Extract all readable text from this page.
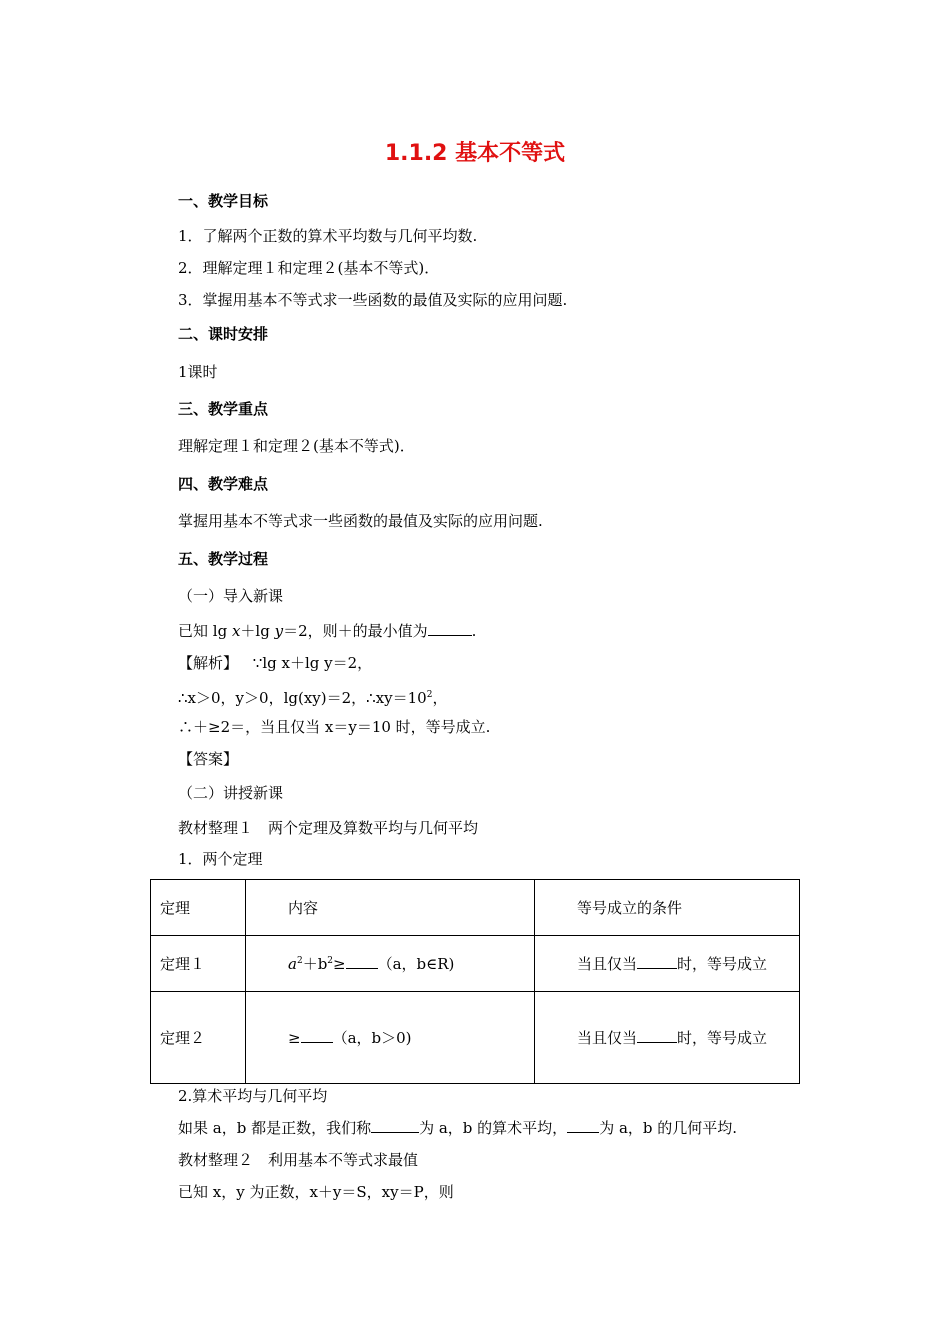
1.1.2 基本不等式
一、教学目标
1．了解两个正数的算术平均数与几何平均数.
2．理解定理１和定理２(基本不等式)．
3．掌握用基本不等式求一些函数的最值及实际的应用问题.
二、课时安排
1课时
三、教学重点
理解定理１和定理２(基本不等式)．
四、教学难点
掌握用基本不等式求一些函数的最值及实际的应用问题.
五、教学过程
（一）导入新课
已知 lg x＋lg y＝2，则＋的最小值为	.
【解析】 ∵lg x＋lg y＝2，
∴x＞0，y＞0，lg(xy)＝2，$\therefore xy=10^2$，
∴＋≥2＝，当且仅当 x＝y＝10 时，等号成立.
【答案】
（二）讲授新课
教材整理１　两个定理及算数平均与几何平均
1．两个定理
定理	内容	等号成立的条件
定理１	$a^2+b^2\ge (a$，b∈R)	当且仅当 时，等号成立
定理２	≥ （a，b＞0)	当且仅当 时，等号成立
2.算术平均与几何平均
如果 a，b 都是正数，我们称	为 a，b 的算术平均， 为 a，b 的几何平均.
教材整理２　利用基本不等式求最值
已知 x，y 为正数，x＋y＝S，xy＝P，则
